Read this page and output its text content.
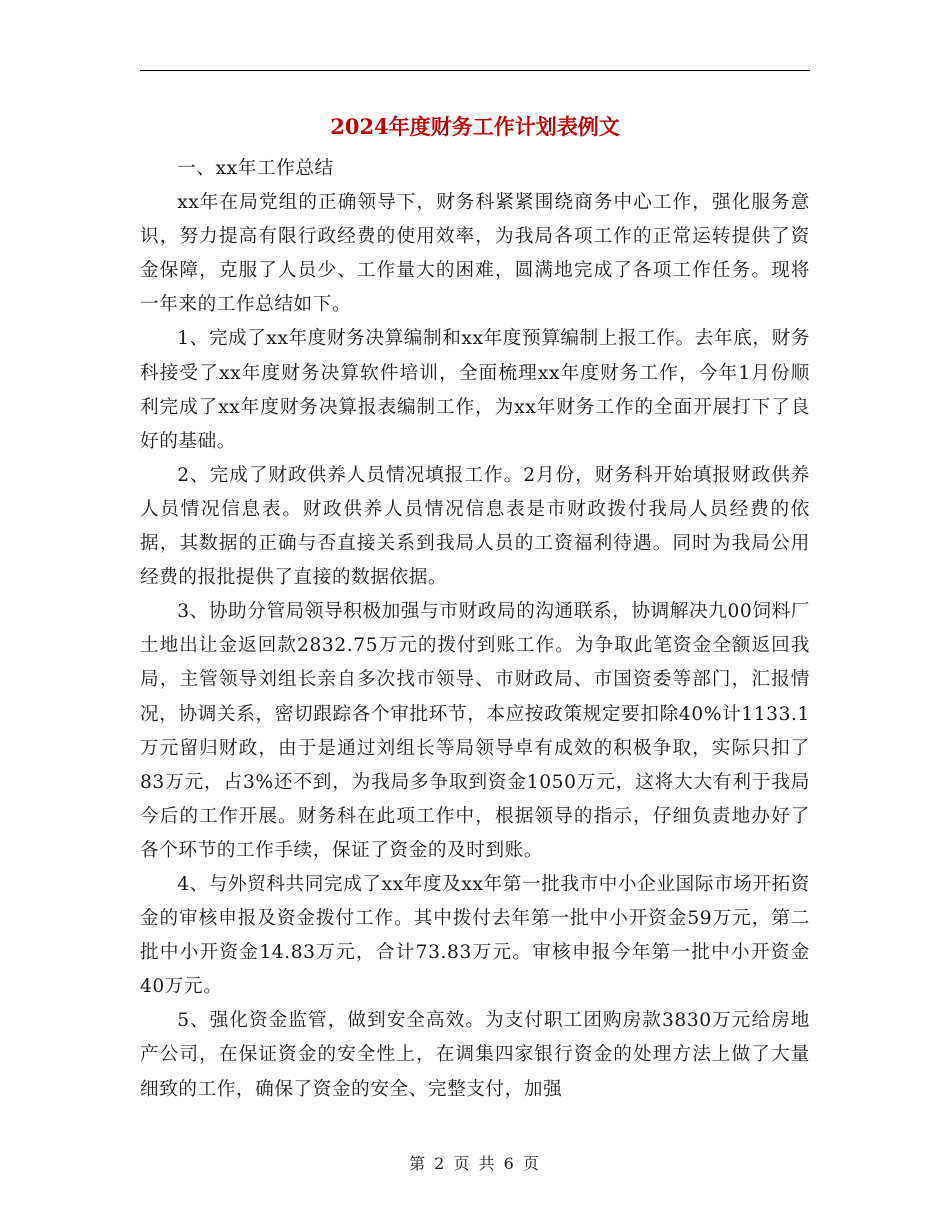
2024年度财务工作计划表例文

一、xx年工作总结

xx年在局党组的正确领导下，财务科紧紧围绕商务中心工作，强化服务意识，努力提高有限行政经费的使用效率，为我局各项工作的正常运转提供了资金保障，克服了人员少、工作量大的困难，圆满地完成了各项工作任务。现将一年来的工作总结如下。

1、完成了xx年度财务决算编制和xx年度预算编制上报工作。去年底，财务科接受了xx年度财务决算软件培训，全面梳理xx年度财务工作，今年1月份顺利完成了xx年度财务决算报表编制工作，为xx年财务工作的全面开展打下了良好的基础。

2、完成了财政供养人员情况填报工作。2月份，财务科开始填报财政供养人员情况信息表。财政供养人员情况信息表是市财政拨付我局人员经费的依据，其数据的正确与否直接关系到我局人员的工资福利待遇。同时为我局公用经费的报批提供了直接的数据依据。

3、协助分管局领导积极加强与市财政局的沟通联系，协调解决九00饲料厂土地出让金返回款2832.75万元的拨付到账工作。为争取此笔资金全额返回我局，主管领导刘组长亲自多次找市领导、市财政局、市国资委等部门，汇报情况，协调关系，密切跟踪各个审批环节，本应按政策规定要扣除40%计1133.1万元留归财政，由于是通过刘组长等局领导卓有成效的积极争取，实际只扣了83万元，占3%还不到，为我局多争取到资金1050万元，这将大大有利于我局今后的工作开展。财务科在此项工作中，根据领导的指示，仔细负责地办好了各个环节的工作手续，保证了资金的及时到账。

4、与外贸科共同完成了xx年度及xx年第一批我市中小企业国际市场开拓资金的审核申报及资金拨付工作。其中拨付去年第一批中小开资金59万元，第二批中小开资金14.83万元，合计73.83万元。审核申报今年第一批中小开资金40万元。

5、强化资金监管，做到安全高效。为支付职工团购房款3830万元给房地产公司，在保证资金的安全性上，在调集四家银行资金的处理方法上做了大量细致的工作，确保了资金的安全、完整支付，加强

第 2 页 共 6 页
